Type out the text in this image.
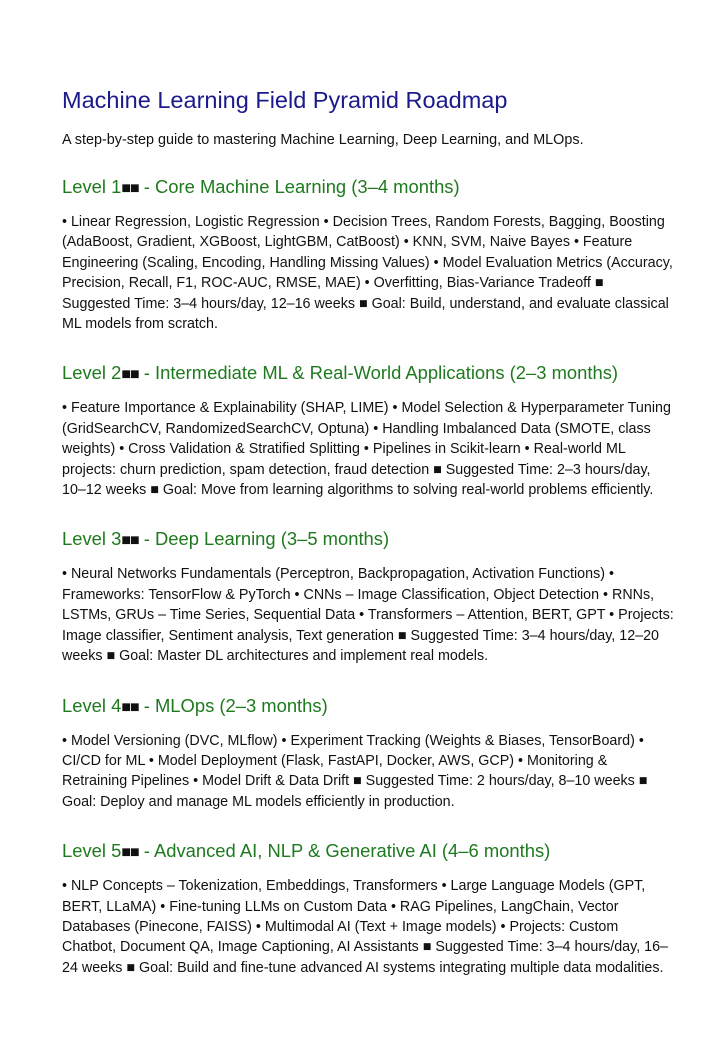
Machine Learning Field Pyramid Roadmap

A step-by-step guide to mastering Machine Learning, Deep Learning, and MLOps.

Level 1■■ - Core Machine Learning (3–4 months)

• Linear Regression, Logistic Regression • Decision Trees, Random Forests, Bagging, Boosting (AdaBoost, Gradient, XGBoost, LightGBM, CatBoost) • KNN, SVM, Naive Bayes • Feature Engineering (Scaling, Encoding, Handling Missing Values) • Model Evaluation Metrics (Accuracy, Precision, Recall, F1, ROC-AUC, RMSE, MAE) • Overfitting, Bias-Variance Tradeoff ■ Suggested Time: 3–4 hours/day, 12–16 weeks ■ Goal: Build, understand, and evaluate classical ML models from scratch.

Level 2■■ - Intermediate ML & Real-World Applications (2–3 months)

• Feature Importance & Explainability (SHAP, LIME) • Model Selection & Hyperparameter Tuning (GridSearchCV, RandomizedSearchCV, Optuna) • Handling Imbalanced Data (SMOTE, class weights) • Cross Validation & Stratified Splitting • Pipelines in Scikit-learn • Real-world ML projects: churn prediction, spam detection, fraud detection ■ Suggested Time: 2–3 hours/day, 10–12 weeks ■ Goal: Move from learning algorithms to solving real-world problems efficiently.

Level 3■■ - Deep Learning (3–5 months)

• Neural Networks Fundamentals (Perceptron, Backpropagation, Activation Functions) • Frameworks: TensorFlow & PyTorch • CNNs – Image Classification, Object Detection • RNNs, LSTMs, GRUs – Time Series, Sequential Data • Transformers – Attention, BERT, GPT • Projects: Image classifier, Sentiment analysis, Text generation ■ Suggested Time: 3–4 hours/day, 12–20 weeks ■ Goal: Master DL architectures and implement real models.

Level 4■■ - MLOps (2–3 months)

• Model Versioning (DVC, MLflow) • Experiment Tracking (Weights & Biases, TensorBoard) • CI/CD for ML • Model Deployment (Flask, FastAPI, Docker, AWS, GCP) • Monitoring & Retraining Pipelines • Model Drift & Data Drift ■ Suggested Time: 2 hours/day, 8–10 weeks ■ Goal: Deploy and manage ML models efficiently in production.

Level 5■■ - Advanced AI, NLP & Generative AI (4–6 months)

• NLP Concepts – Tokenization, Embeddings, Transformers • Large Language Models (GPT, BERT, LLaMA) • Fine-tuning LLMs on Custom Data • RAG Pipelines, LangChain, Vector Databases (Pinecone, FAISS) • Multimodal AI (Text + Image models) • Projects: Custom Chatbot, Document QA, Image Captioning, AI Assistants ■ Suggested Time: 3–4 hours/day, 16–24 weeks ■ Goal: Build and fine-tune advanced AI systems integrating multiple data modalities.
